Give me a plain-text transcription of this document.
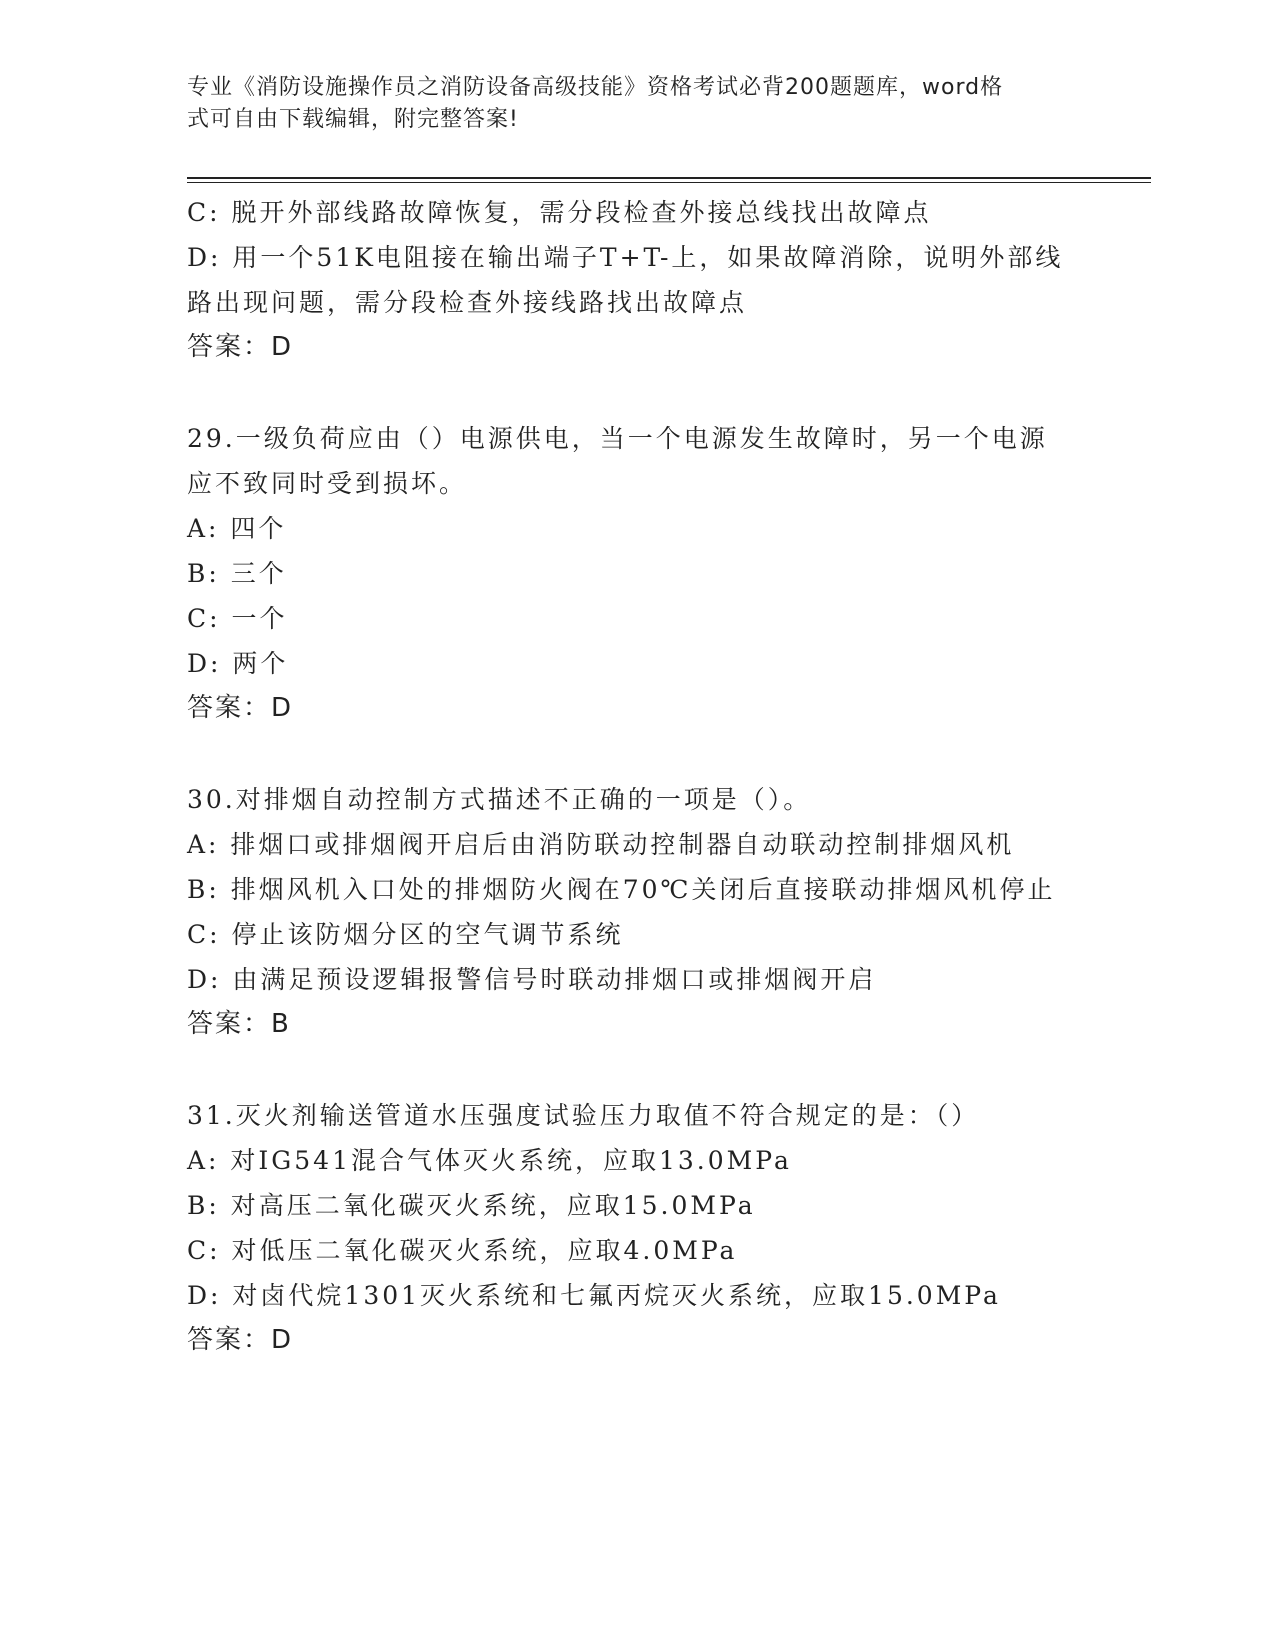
专业《消防设施操作员之消防设备高级技能》资格考试必背200题题库，word格
式可自由下载编辑，附完整答案!
C: 脱开外部线路故障恢复，需分段检查外接总线找出故障点
D: 用一个51K电阻接在输出端子T+T-上，如果故障消除，说明外部线
路出现问题，需分段检查外接线路找出故障点
答案：D
29.一级负荷应由（）电源供电，当一个电源发生故障时，另一个电源
应不致同时受到损坏。
A: 四个
B: 三个
C: 一个
D: 两个
答案：D
30.对排烟自动控制方式描述不正确的一项是（）。
A: 排烟口或排烟阀开启后由消防联动控制器自动联动控制排烟风机
B: 排烟风机入口处的排烟防火阀在70℃关闭后直接联动排烟风机停止
C: 停止该防烟分区的空气调节系统
D: 由满足预设逻辑报警信号时联动排烟口或排烟阀开启
答案：B
31.灭火剂输送管道水压强度试验压力取值不符合规定的是：（）
A: 对IG541混合气体灭火系统，应取13.0MPa
B: 对高压二氧化碳灭火系统，应取15.0MPa
C: 对低压二氧化碳灭火系统，应取4.0MPa
D: 对卤代烷1301灭火系统和七氟丙烷灭火系统，应取15.0MPa
答案：D
